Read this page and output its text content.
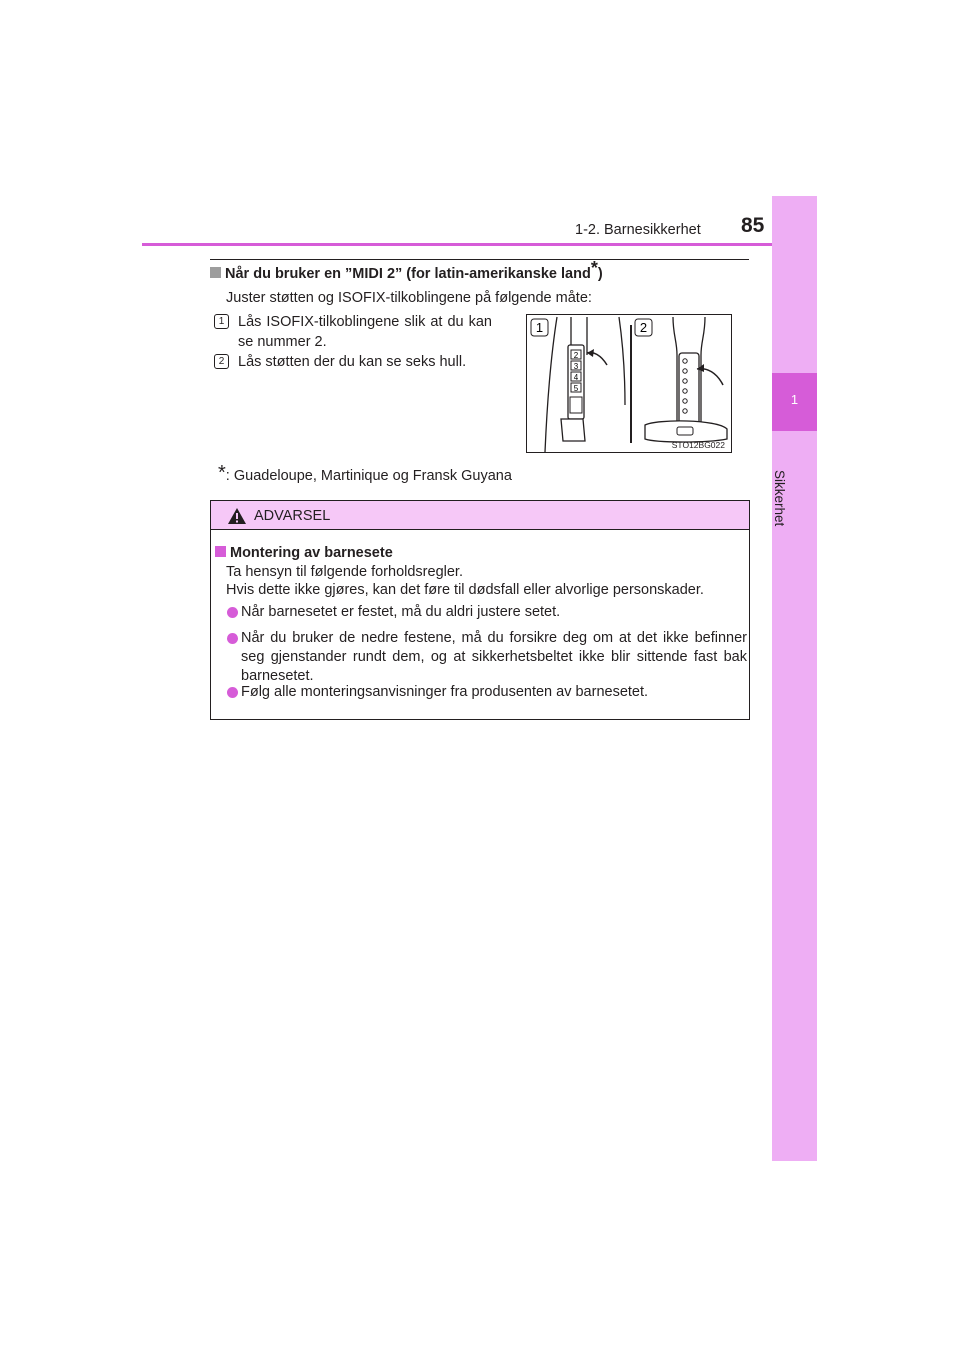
1-2. Barnesikkerhet 85
1
Sikkerhet
Når du bruker en ”MIDI 2” (for latin-amerikanske land*)
Juster støtten og ISOFIX-tilkoblingene på følgende måte:
1 Lås ISOFIX-tilkoblingene slik at du kan se nummer 2.
2 Lås støtten der du kan se seks hull.	2
3
4
5
1	2
STO12BG022
*: Guadeloupe, Martinique og Fransk Guyana
ADVARSEL
Montering av barnesete
Ta hensyn til følgende forholdsregler.
Hvis dette ikke gjøres, kan det føre til dødsfall eller alvorlige personskader.
Når barnesetet er festet, må du aldri justere setet.
Når du bruker de nedre festene, må du forsikre deg om at det ikke befinner seg gjenstander rundt dem, og at sikkerhetsbeltet ikke blir sittende fast bak barnesetet.
Følg alle monteringsanvisninger fra produsenten av barnesetet.
